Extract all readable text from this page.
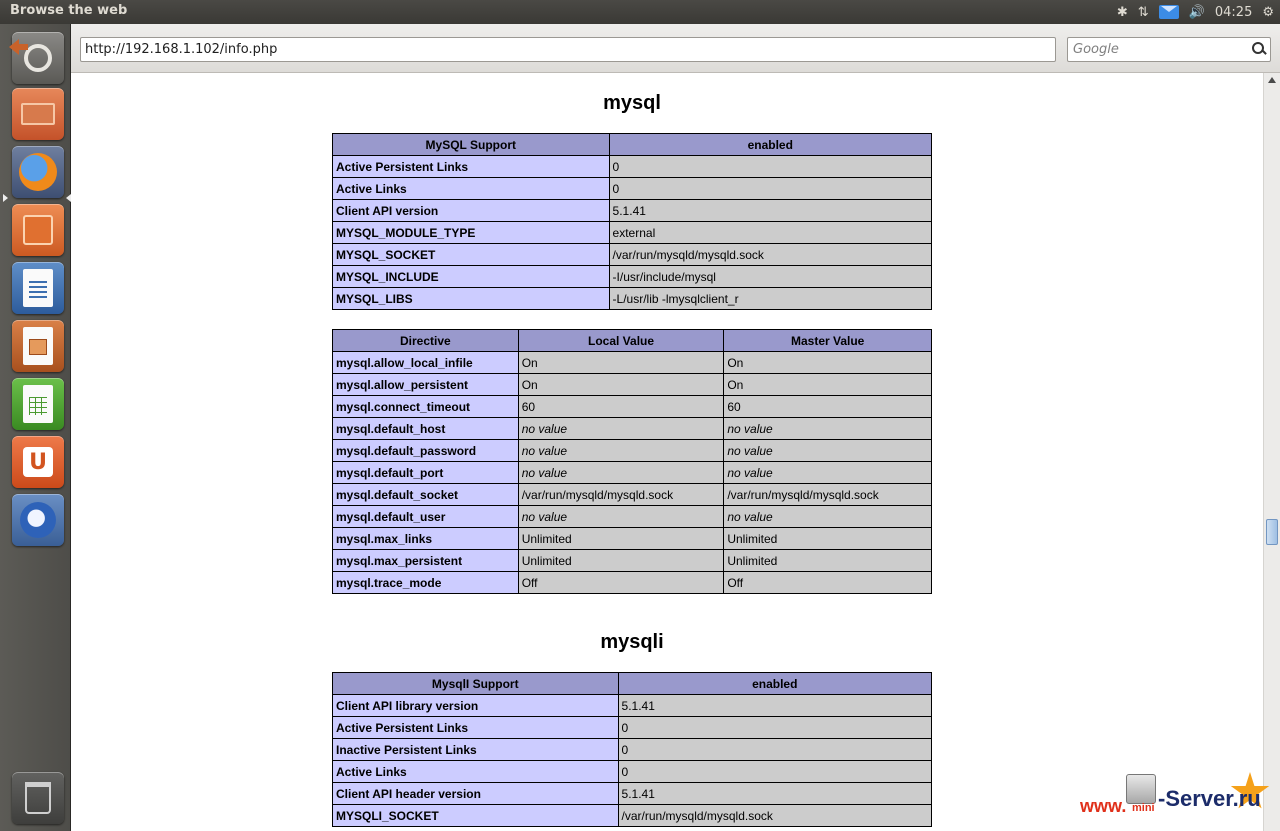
Browse the web	✱ ⇅	🔊 04:25 ⚙
U
http://192.168.1.102/info.php	Google
mysql
MySQL Support	enabled
Active Persistent Links	0
Active Links	0
Client API version	5.1.41
MYSQL_MODULE_TYPE	external
MYSQL_SOCKET	/var/run/mysqld/mysqld.sock
MYSQL_INCLUDE	-I/usr/include/mysql
MYSQL_LIBS	-L/usr/lib -lmysqlclient_r
Directive	Local Value	Master Value
mysql.allow_local_infile	On	On
mysql.allow_persistent	On	On
mysql.connect_timeout	60	60
mysql.default_host	no value	no value
mysql.default_password	no value	no value
mysql.default_port	no value	no value
mysql.default_socket	/var/run/mysqld/mysqld.sock	/var/run/mysqld/mysqld.sock
mysql.default_user	no value	no value
mysql.max_links	Unlimited	Unlimited
mysql.max_persistent	Unlimited	Unlimited
mysql.trace_mode	Off	Off
mysqli
MysqlI Support	enabled
Client API library version	5.1.41
Active Persistent Links	0
Inactive Persistent Links	0
Active Links	0
Client API header version	5.1.41
MYSQLI_SOCKET	/var/run/mysqld/mysqld.sock	www. mini -Server.ru
